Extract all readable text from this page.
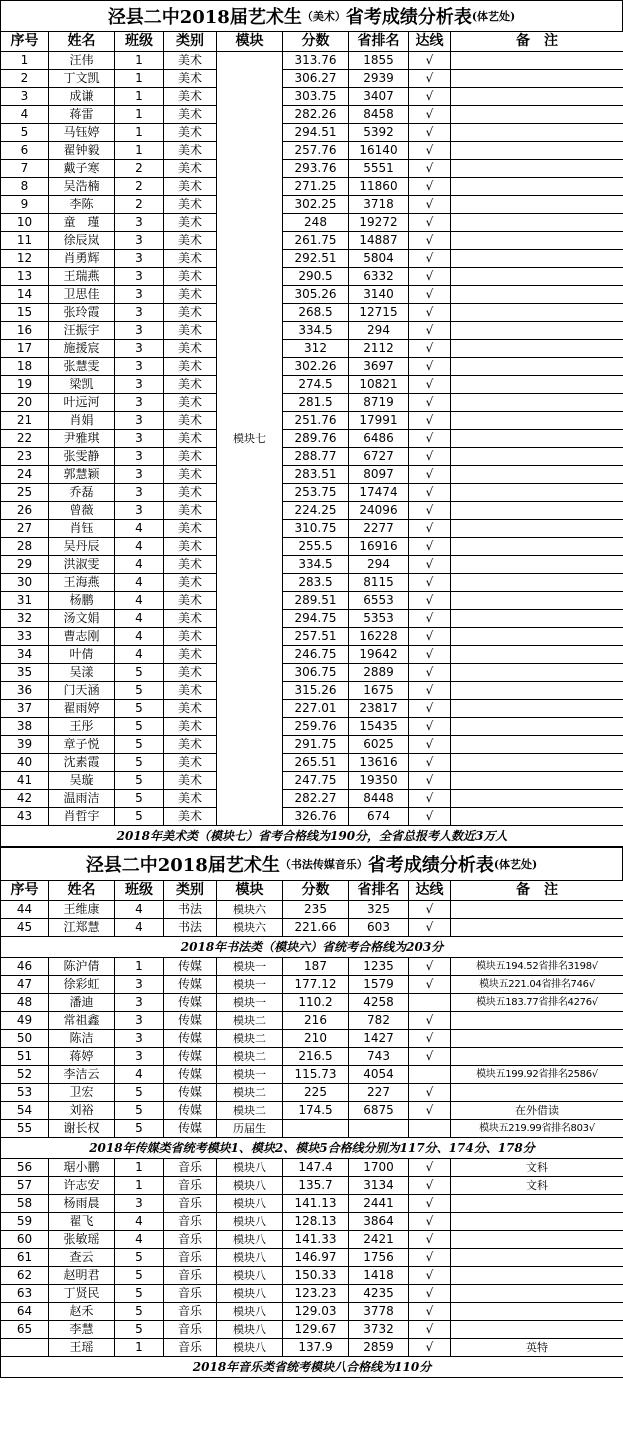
泾县二中2018届艺术生 （美术） 省考成绩分析表 (体艺处)
序号	姓名	班级	类别	模块	分数	省排名	达线	备　注
1	汪伟	1	美术	模块七	313.76	1855	√	
2	丁文凯	1	美术		306.27	2939	√	
3	成谦	1	美术		303.75	3407	√	
4	蒋雷	1	美术		282.26	8458	√	
5	马钰婷	1	美术		294.51	5392	√	
6	翟钟毅	1	美术		257.76	16140	√	
7	戴子寒	2	美术		293.76	5551	√	
8	吴浩楠	2	美术		271.25	11860	√	
9	李陈	2	美术		302.25	3718	√	
10	童　瑾	3	美术		248	19272	√	
11	徐辰岚	3	美术		261.75	14887	√	
12	肖勇辉	3	美术		292.51	5804	√	
13	王瑞燕	3	美术		290.5	6332	√	
14	卫思佳	3	美术		305.26	3140	√	
15	张玲霞	3	美术		268.5	12715	√	
16	汪振宇	3	美术		334.5	294	√	
17	施援宸	3	美术		312	2112	√	
18	张慧雯	3	美术		302.26	3697	√	
19	梁凯	3	美术		274.5	10821	√	
20	叶远河	3	美术		281.5	8719	√	
21	肖娟	3	美术		251.76	17991	√	
22	尹雅琪	3	美术		289.76	6486	√	
23	张雯静	3	美术		288.77	6727	√	
24	郭慧颖	3	美术		283.51	8097	√	
25	乔磊	3	美术		253.75	17474	√	
26	曾薇	3	美术		224.25	24096	√	
27	肖钰	4	美术		310.75	2277	√	
28	吴丹辰	4	美术		255.5	16916	√	
29	洪淑雯	4	美术		334.5	294	√	
30	王海燕	4	美术		283.5	8115	√	
31	杨鹏	4	美术		289.51	6553	√	
32	汤文娟	4	美术		294.75	5353	√	
33	曹志刚	4	美术		257.51	16228	√	
34	叶倩	4	美术		246.75	19642	√	
35	吴漾	5	美术		306.75	2889	√	
36	门天涵	5	美术		315.26	1675	√	
37	翟雨婷	5	美术		227.01	23817	√	
38	王彤	5	美术		259.76	15435	√	
39	章子悦	5	美术		291.75	6025	√	
40	沈素霞	5	美术		265.51	13616	√	
41	吴璇	5	美术		247.75	19350	√	
42	温雨洁	5	美术		282.27	8448	√	
43	肖哲宇	5	美术		326.76	674	√	
2018年美术类（模块七）省考合格线为190分，全省总报考人数近3万人								
泾县二中2018届艺术生 （书法传媒音乐） 省考成绩分析表 (体艺处)
序号	姓名	班级	类别	模块	分数	省排名	达线	备　注
44	王维康	4	书法	模块六	235	325	√	
45	江郑慧	4	书法	模块六	221.66	603	√	
2018年书法类（模块六）省统考合格线为203分								
46	陈沪倩	1	传媒	模块一	187	1235	√	模块五194.52省排名3198√
47	徐彩虹	3	传媒	模块一	177.12	1579	√	模块五221.04省排名746√
48	潘迪	3	传媒	模块一	110.2	4258		模块五183.77省排名4276√
49	常祖鑫	3	传媒	模块二	216	782	√	
50	陈洁	3	传媒	模块二	210	1427	√	
51	蒋婷	3	传媒	模块二	216.5	743	√	
52	李洁云	4	传媒	模块一	115.73	4054		模块五199.92省排名2586√
53	卫宏	5	传媒	模块二	225	227	√	
54	刘裕	5	传媒	模块二	174.5	6875	√	在外借读
55	谢长权	5	传媒	历届生				模块五219.99省排名803√
2018年传媒类省统考模块1、模块2、模块5合格线分别为117分、174分、178分								
56	琚小鹏	1	音乐	模块八	147.4	1700	√	文科
57	许志安	1	音乐	模块八	135.7	3134	√	文科
58	杨雨晨	3	音乐	模块八	141.13	2441	√	
59	翟飞	4	音乐	模块八	128.13	3864	√	
60	张敏瑶	4	音乐	模块八	141.33	2421	√	
61	查云	5	音乐	模块八	146.97	1756	√	
62	赵明君	5	音乐	模块八	150.33	1418	√	
63	丁贤民	5	音乐	模块八	123.23	4235	√	
64	赵禾	5	音乐	模块八	129.03	3778	√	
65	李慧	5	音乐	模块八	129.67	3732	√	
	王瑶	1	音乐	模块八	137.9	2859	√	英特
2018年音乐类省统考模块八合格线为110分								
